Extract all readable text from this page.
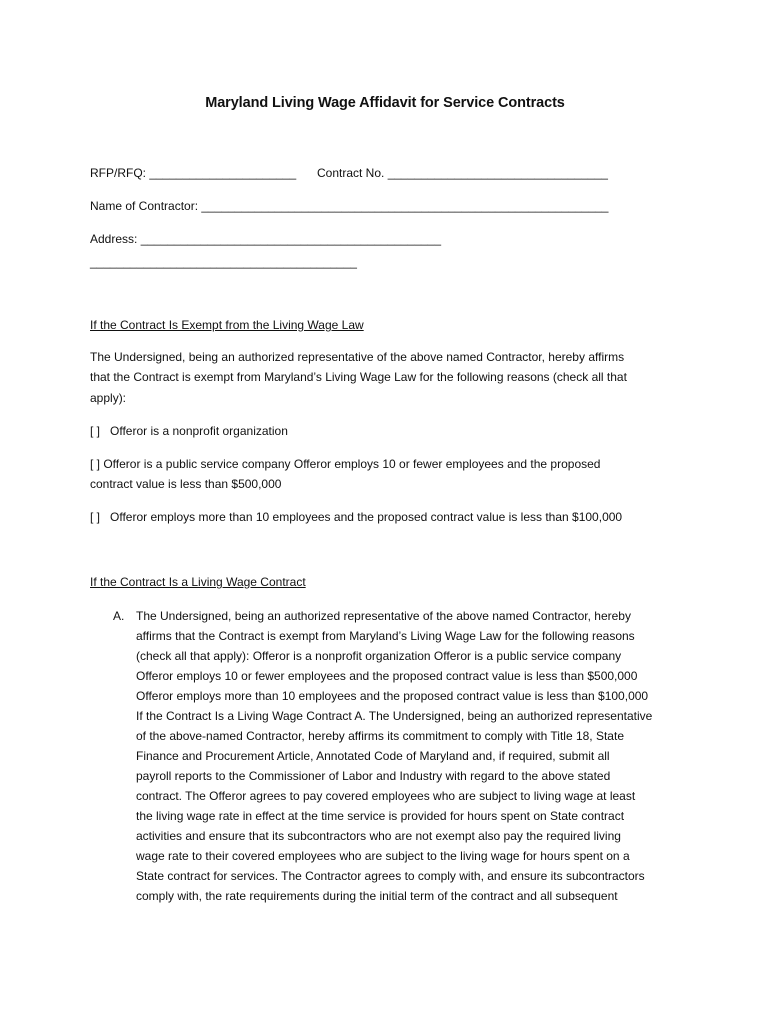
Maryland Living Wage Affidavit for Service Contracts
RFP/RFQ: ______________________ Contract No. _________________________________
Name of Contractor: _____________________________________________________________
Address: _____________________________________________
________________________________________
If the Contract Is Exempt from the Living Wage Law

The Undersigned, being an authorized representative of the above named Contractor, hereby affirms

that the Contract is exempt from Maryland’s Living Wage Law for the following reasons (check all that

apply):

[ ]   Offeror is a nonprofit organization

[ ] Offeror is a public service company Offeror employs 10 or fewer employees and the proposed

contract value is less than $500,000

[ ]   Offeror employs more than 10 employees and the proposed contract value is less than $100,000
If the Contract Is a Living Wage Contract
A. The Undersigned, being an authorized representative of the above named Contractor, hereby

affirms that the Contract is exempt from Maryland’s Living Wage Law for the following reasons

(check all that apply): Offeror is a nonprofit organization Offeror is a public service company

Offeror employs 10 or fewer employees and the proposed contract value is less than $500,000

Offeror employs more than 10 employees and the proposed contract value is less than $100,000

If the Contract Is a Living Wage Contract A. The Undersigned, being an authorized representative

of the above-named Contractor, hereby affirms its commitment to comply with Title 18, State

Finance and Procurement Article, Annotated Code of Maryland and, if required, submit all

payroll reports to the Commissioner of Labor and Industry with regard to the above stated

contract. The Offeror agrees to pay covered employees who are subject to living wage at least

the living wage rate in effect at the time service is provided for hours spent on State contract

activities and ensure that its subcontractors who are not exempt also pay the required living

wage rate to their covered employees who are subject to the living wage for hours spent on a

State contract for services. The Contractor agrees to comply with, and ensure its subcontractors

comply with, the rate requirements during the initial term of the contract and all subsequent
